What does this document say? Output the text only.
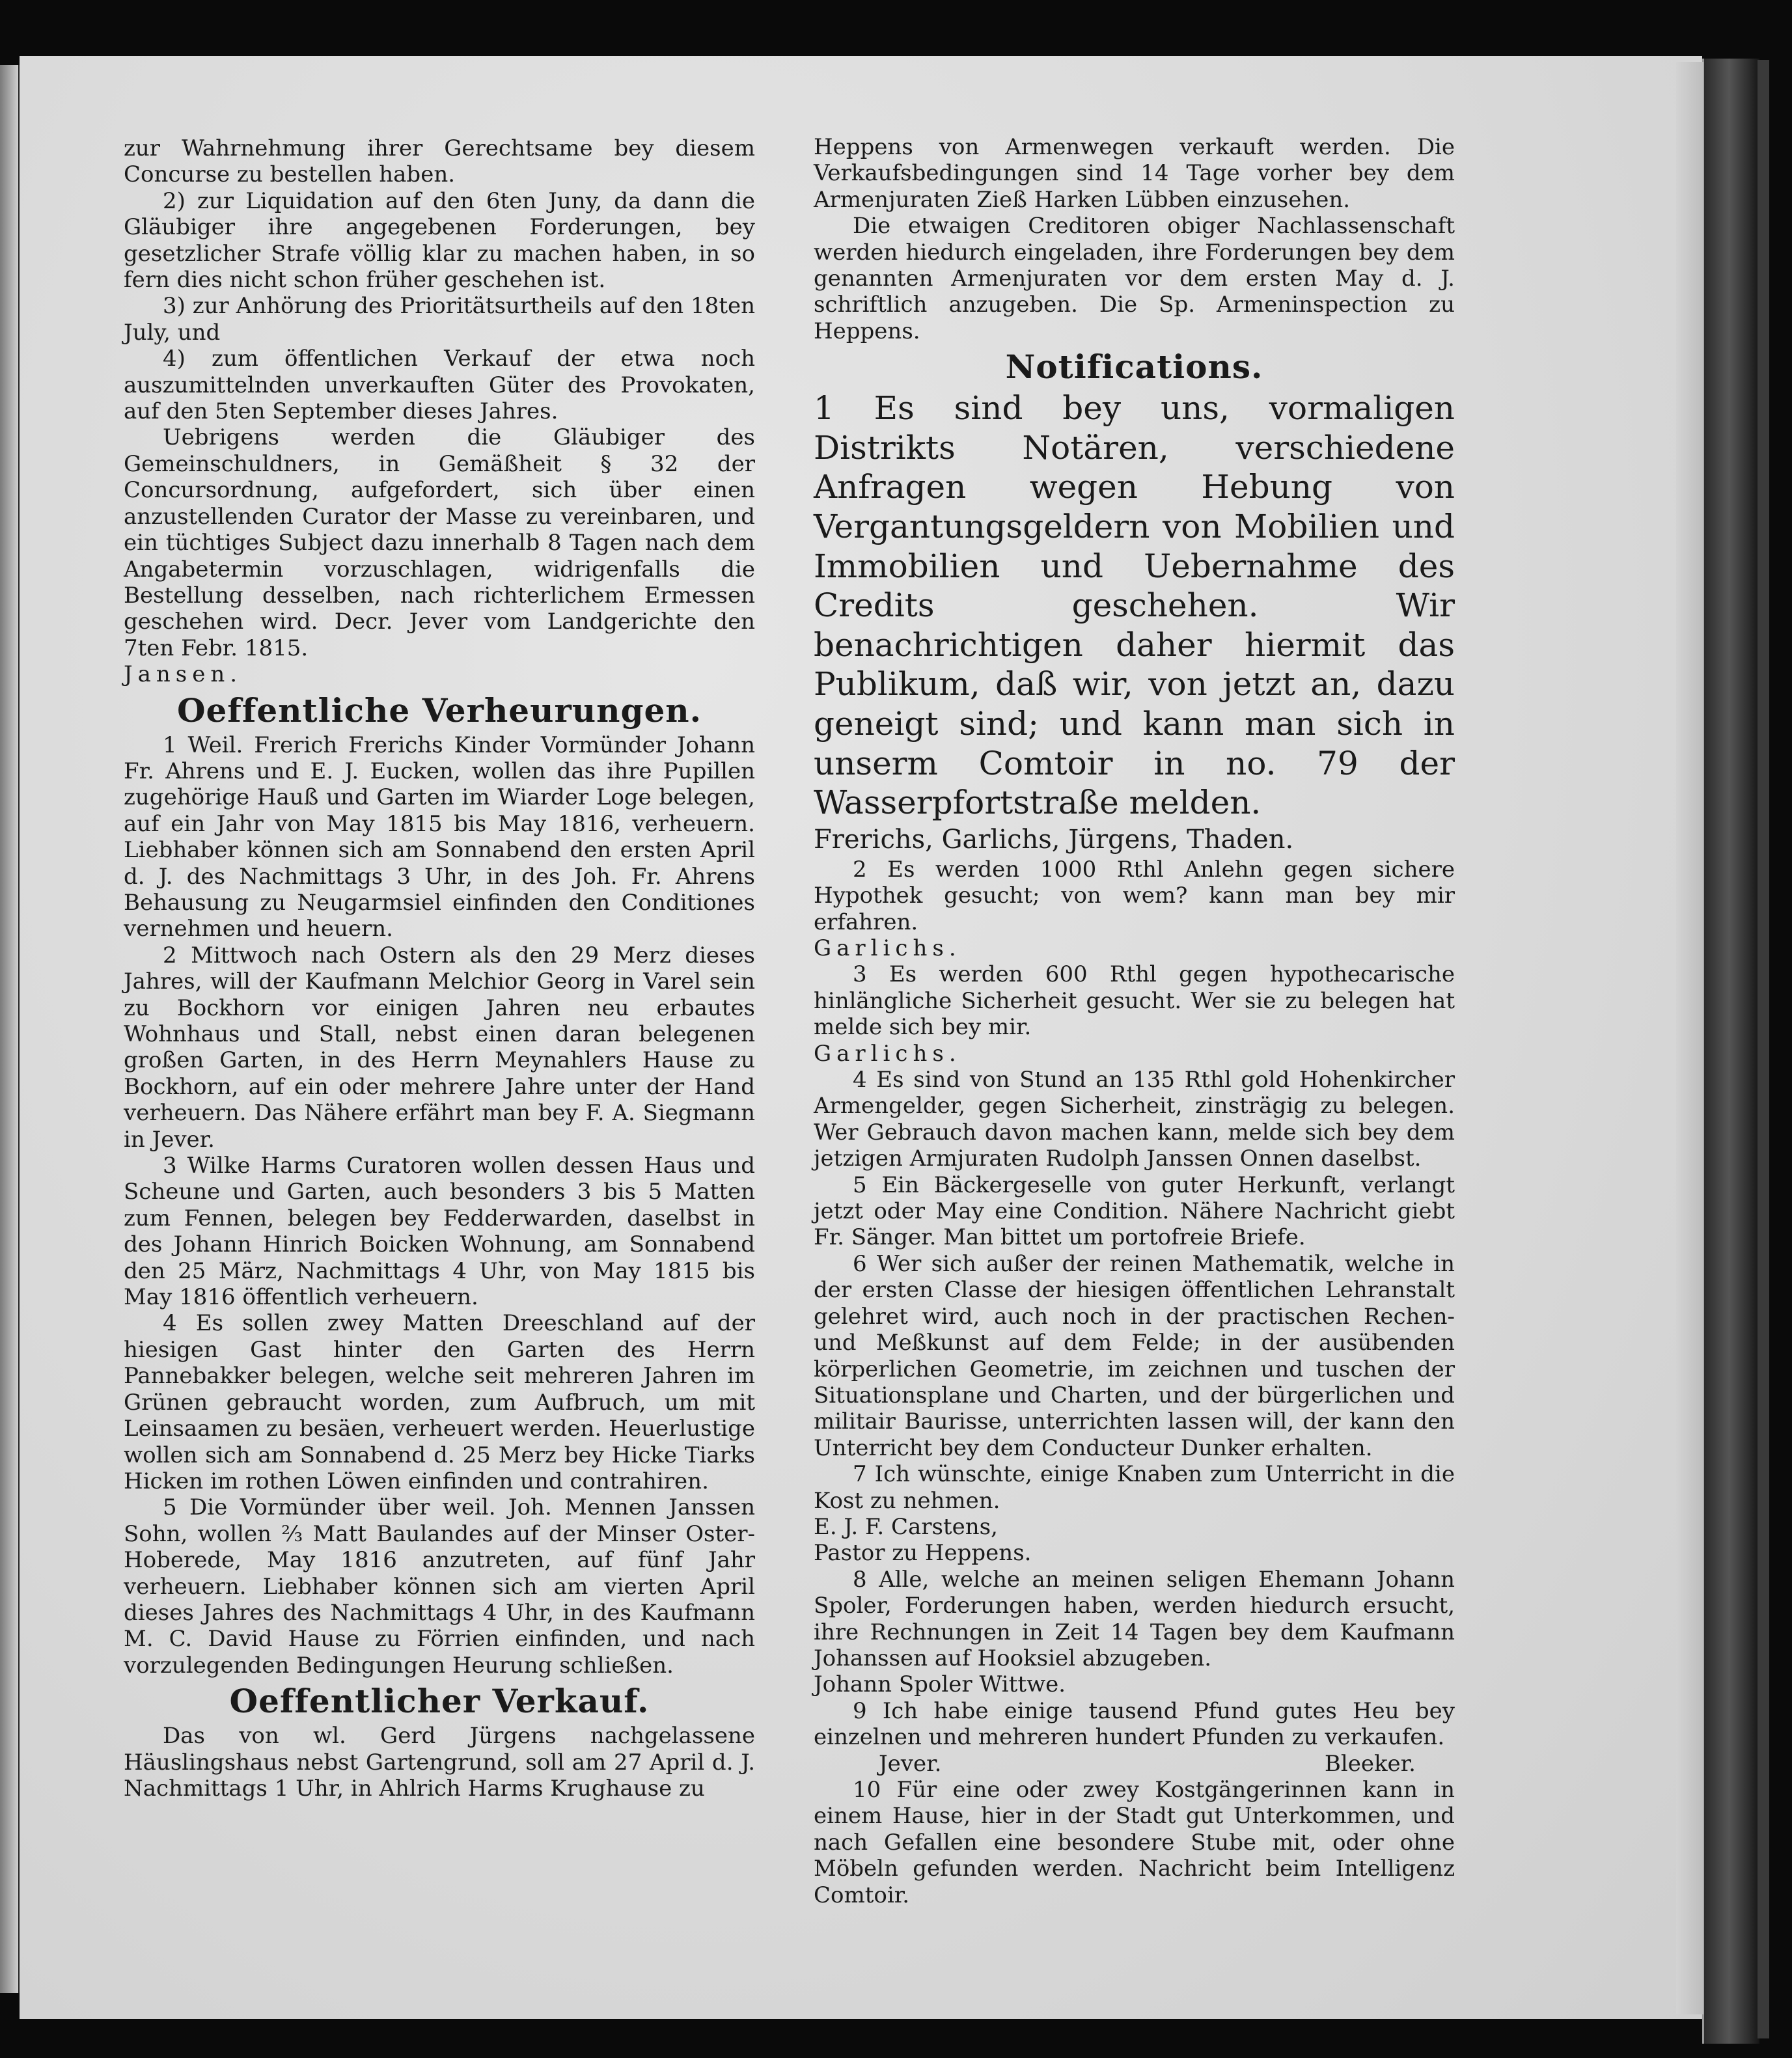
zur Wahrnehmung ihrer Gerechtsame bey diesem Concurse zu bestellen haben.

2) zur Liquidation auf den 6ten Juny, da dann die Gläubiger ihre angegebenen Forderungen, bey gesetzlicher Strafe völlig klar zu machen haben, in so fern dies nicht schon früher geschehen ist.

3) zur Anhörung des Prioritätsurtheils auf den 18ten July, und

4) zum öffentlichen Verkauf der etwa noch auszumittelnden unverkauften Güter des Provokaten, auf den 5ten September dieses Jahres.

Uebrigens werden die Gläubiger des Gemeinschuldners, in Gemäßheit § 32 der Concursordnung, aufgefordert, sich über einen anzustellenden Curator der Masse zu vereinbaren, und ein tüchtiges Subject dazu innerhalb 8 Tagen nach dem Angabetermin vorzuschlagen, widrigenfalls die Bestellung desselben, nach richterlichem Ermessen geschehen wird. Decr. Jever vom Landgerichte den 7ten Febr. 1815.

Jansen.

Oeffentliche Verheurungen.

1 Weil. Frerich Frerichs Kinder Vormünder Johann Fr. Ahrens und E. J. Eucken, wollen das ihre Pupillen zugehörige Hauß und Garten im Wiarder Loge belegen, auf ein Jahr von May 1815 bis May 1816, verheuern. Liebhaber können sich am Sonnabend den ersten April d. J. des Nachmittags 3 Uhr, in des Joh. Fr. Ahrens Behausung zu Neugarmsiel einfinden den Conditiones vernehmen und heuern.

2 Mittwoch nach Ostern als den 29 Merz dieses Jahres, will der Kaufmann Melchior Georg in Varel sein zu Bockhorn vor einigen Jahren neu erbautes Wohnhaus und Stall, nebst einen daran belegenen großen Garten, in des Herrn Meynahlers Hause zu Bockhorn, auf ein oder mehrere Jahre unter der Hand verheuern. Das Nähere erfährt man bey F. A. Siegmann in Jever.

3 Wilke Harms Curatoren wollen dessen Haus und Scheune und Garten, auch besonders 3 bis 5 Matten zum Fennen, belegen bey Fedderwarden, daselbst in des Johann Hinrich Boicken Wohnung, am Sonnabend den 25 März, Nachmittags 4 Uhr, von May 1815 bis May 1816 öffentlich verheuern.

4 Es sollen zwey Matten Dreeschland auf der hiesigen Gast hinter den Garten des Herrn Pannebakker belegen, welche seit mehreren Jahren im Grünen gebraucht worden, zum Aufbruch, um mit Leinsaamen zu besäen, verheuert werden. Heuerlustige wollen sich am Sonnabend d. 25 Merz bey Hicke Tiarks Hicken im rothen Löwen einfinden und contrahiren.

5 Die Vormünder über weil. Joh. Mennen Janssen Sohn, wollen ⅔ Matt Baulandes auf der Minser Oster-Hoberede, May 1816 anzutreten, auf fünf Jahr verheuern. Liebhaber können sich am vierten April dieses Jahres des Nachmittags 4 Uhr, in des Kaufmann M. C. David Hause zu Förrien einfinden, und nach vorzulegenden Bedingungen Heurung schließen.

Oeffentlicher Verkauf.

Das von wl. Gerd Jürgens nachgelassene Häuslingshaus nebst Gartengrund, soll am 27 April d. J. Nachmittags 1 Uhr, in Ahlrich Harms Krughause zu

Heppens von Armenwegen verkauft werden. Die Verkaufsbedingungen sind 14 Tage vorher bey dem Armenjuraten Zieß Harken Lübben einzusehen.

Die etwaigen Creditoren obiger Nachlassenschaft werden hiedurch eingeladen, ihre Forderungen bey dem genannten Armenjuraten vor dem ersten May d. J. schriftlich anzugeben. Die Sp. Armeninspection zu Heppens.

Notifications.

1 Es sind bey uns, vormaligen Distrikts Notären, verschiedene Anfragen wegen Hebung von Vergantungsgeldern von Mobilien und Immobilien und Uebernahme des Credits geschehen. Wir benachrichtigen daher hiermit das Publikum, daß wir, von jetzt an, dazu geneigt sind; und kann man sich in unserm Comtoir in no. 79 der Wasserpfortstraße melden.

Frerichs, Garlichs, Jürgens, Thaden.

2 Es werden 1000 Rthl Anlehn gegen sichere Hypothek gesucht; von wem? kann man bey mir erfahren.

Garlichs.

3 Es werden 600 Rthl gegen hypothecarische hinlängliche Sicherheit gesucht. Wer sie zu belegen hat melde sich bey mir.

Garlichs.

4 Es sind von Stund an 135 Rthl gold Hohenkircher Armengelder, gegen Sicherheit, zinsträgig zu belegen. Wer Gebrauch davon machen kann, melde sich bey dem jetzigen Armjuraten Rudolph Janssen Onnen daselbst.

5 Ein Bäckergeselle von guter Herkunft, verlangt jetzt oder May eine Condition. Nähere Nachricht giebt Fr. Sänger. Man bittet um portofreie Briefe.

6 Wer sich außer der reinen Mathematik, welche in der ersten Classe der hiesigen öffentlichen Lehranstalt gelehret wird, auch noch in der practischen Rechen- und Meßkunst auf dem Felde; in der ausübenden körperlichen Geometrie, im zeichnen und tuschen der Situationsplane und Charten, und der bürgerlichen und militair Baurisse, unterrichten lassen will, der kann den Unterricht bey dem Conducteur Dunker erhalten.

7 Ich wünschte, einige Knaben zum Unterricht in die Kost zu nehmen.

E. J. F. Carstens,

Pastor zu Heppens.

8 Alle, welche an meinen seligen Ehemann Johann Spoler, Forderungen haben, werden hiedurch ersucht, ihre Rechnungen in Zeit 14 Tagen bey dem Kaufmann Johanssen auf Hooksiel abzugeben.

Johann Spoler Wittwe.

9 Ich habe einige tausend Pfund gutes Heu bey einzelnen und mehreren hundert Pfunden zu verkaufen.

Jever.	Bleeker.

10 Für eine oder zwey Kostgängerinnen kann in einem Hause, hier in der Stadt gut Unterkommen, und nach Gefallen eine besondere Stube mit, oder ohne Möbeln gefunden werden. Nachricht beim Intelligenz Comtoir.
